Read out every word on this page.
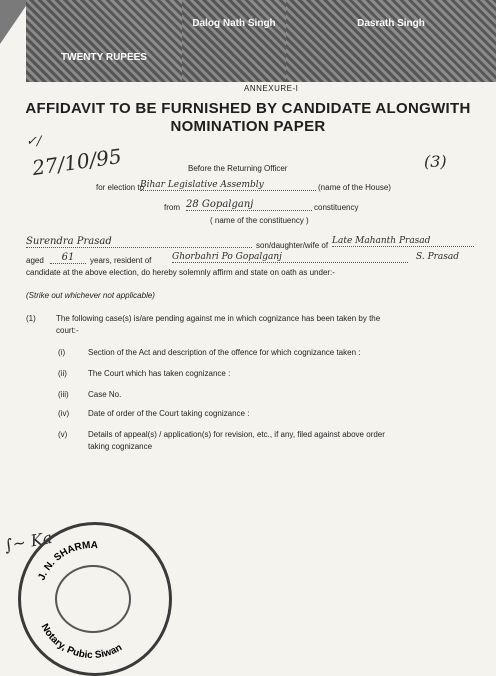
TWENTY RUPEES
Dalog Nath Singh	Dasrath Singh
ANNEXURE-I
AFFIDAVIT TO BE FURNISHED BY CANDIDATE ALONGWITH
NOMINATION PAPER
✓/
27/10/95	(3)
Before the Returning Officer
for election to
Bihar Legislative Assembly	(name of the House)
from 28 Gopalganj	constituency
( name of the constituency )
Surendra Prasad	son/daughter/wife of Late Mahanth Prasad
aged	61	years, resident of Ghorbahri Po Gopalganj	S. Prasad
candidate at the above election, do hereby solemnly affirm and state on oath as under:-
(Strike out whichever not applicable)
(1)	The following case(s) is/are pending against me in which cognizance has been taken by the
court:-
(i)	Section of the Act and description of the offence for which cognizance taken :
(ii)	The Court which has taken cognizance :
(iii) Case No.
(iv) Date of order of the Court taking cognizance :
(v)	Details of appeal(s) / application(s) for revision, etc., if any, filed against above order
taking cognizance
∫~ Ka
J. N. SHARMA
Notary, Pubic Siwan
